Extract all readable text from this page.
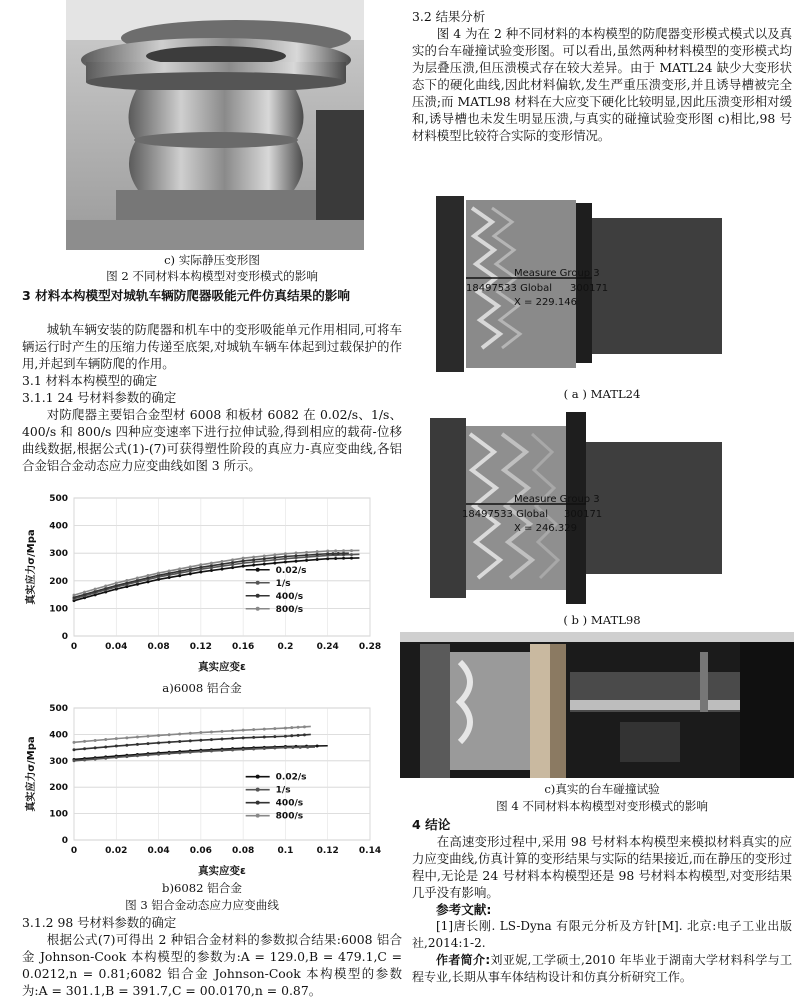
c) 实际静压变形图

图 2 不同材料本构模型对变形模式的影响

3 材料本构模型对城轨车辆防爬器吸能元件仿真结果的影响

城轨车辆安装的防爬器和机车中的变形吸能单元作用相同,可将车辆运行时产生的压缩力传递至底架,对城轨车辆车体起到过载保护的作用,并起到车辆防爬的作用。

3.1 材料本构模型的确定

3.1.1 24 号材料参数的确定

对防爬器主要铝合金型材 6008 和板材 6082 在 0.02/s、1/s、400/s 和 800/s 四种应变速率下进行拉伸试验,得到相应的载荷-位移曲线数据,根据公式(1)-(7)可获得塑性阶段的真应力-真应变曲线,各铝合金铝合金动态应力应变曲线如图 3 所示。

0
100
200
300
400
500
0	0.04 0.08 0.12 0.16	0.2	0.24 0.28
真实应变ε
真实应力σ/Mpa	0.02/s
1/s
400/s
800/s

a)6008 铝合金

0
100
200
300
400
500
0	0.02 0.04 0.06 0.08	0.1	0.12 0.14
真实应变ε
真实应力σ/Mpa	0.02/s
1/s
400/s
800/s

b)6082 铝合金

图 3 铝合金动态应力应变曲线

3.1.2 98 号材料参数的确定

根据公式(7)可得出 2 种铝合金材料的参数拟合结果:6008 铝合金 Johnson-Cook 本构模型的参数为:A = 129.0,B = 479.1,C = 0.0212,n = 0.81;6082 铝合金 Johnson-Cook 本构模型的参数为:A = 301.1,B = 391.7,C = 00.0170,n = 0.87。

3.2 结果分析

图 4 为在 2 种不同材料的本构模型的防爬器变形模式模式以及真实的台车碰撞试验变形图。可以看出,虽然两种材料模型的变形模式均为层叠压溃,但压溃模式存在较大差异。由于 MATL24 缺少大变形状态下的硬化曲线,因此材料偏软,发生严重压溃变形,并且诱导槽被完全压溃;而 MATL98 材料在大应变下硬化比较明显,因此压溃变形相对缓和,诱导槽也未发生明显压溃,与真实的碰撞试验变形图 c)相比,98 号材料模型比较符合实际的变形情况。

Measure Group 3
18497533 Global 300171
X = 229.146

( a ) MATL24

Measure Group 3
18497533 Global 300171
X = 246.329

( b ) MATL98

c)真实的台车碰撞试验

图 4 不同材料本构模型对变形模式的影响

4 结论

在高速变形过程中,采用 98 号材料本构模型来模拟材料真实的应力应变曲线,仿真计算的变形结果与实际的结果接近,而在静压的变形过程中,无论是 24 号材料本构模型还是 98 号材料本构模型,对变形结果几乎没有影响。

参考文献:

[1]唐长刚. LS-Dyna 有限元分析及方针[M]. 北京:电子工业出版社,2014:1-2.

作者简介:刘亚妮,工学硕士,2010 年毕业于湖南大学材料科学与工程专业,长期从事车体结构设计和仿真分析研究工作。
